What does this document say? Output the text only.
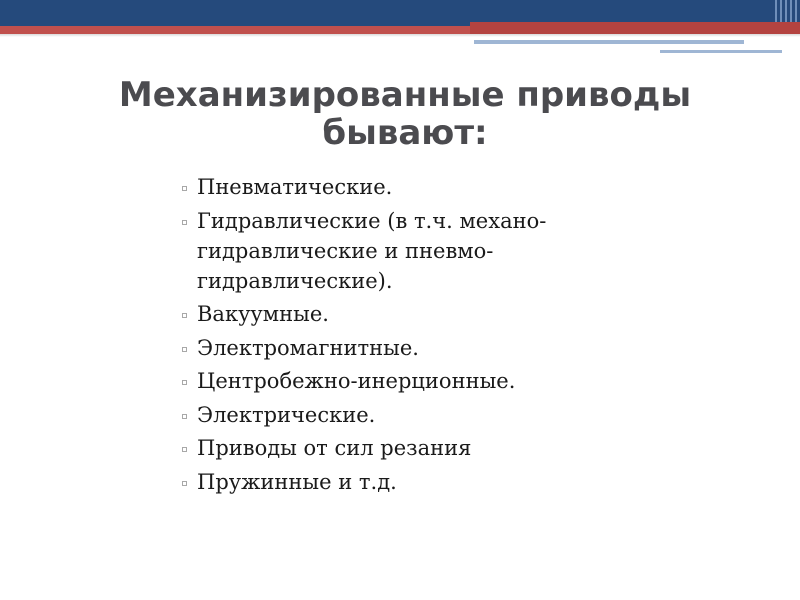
Механизированные приводы бывают:
Пневматические.
Гидравлические (в т.ч. механо-гидравлические и пневмо-гидравлические).
Вакуумные.
Электромагнитные.
Центробежно-инерционные.
Электрические.
Приводы от сил резания
Пружинные и т.д.
